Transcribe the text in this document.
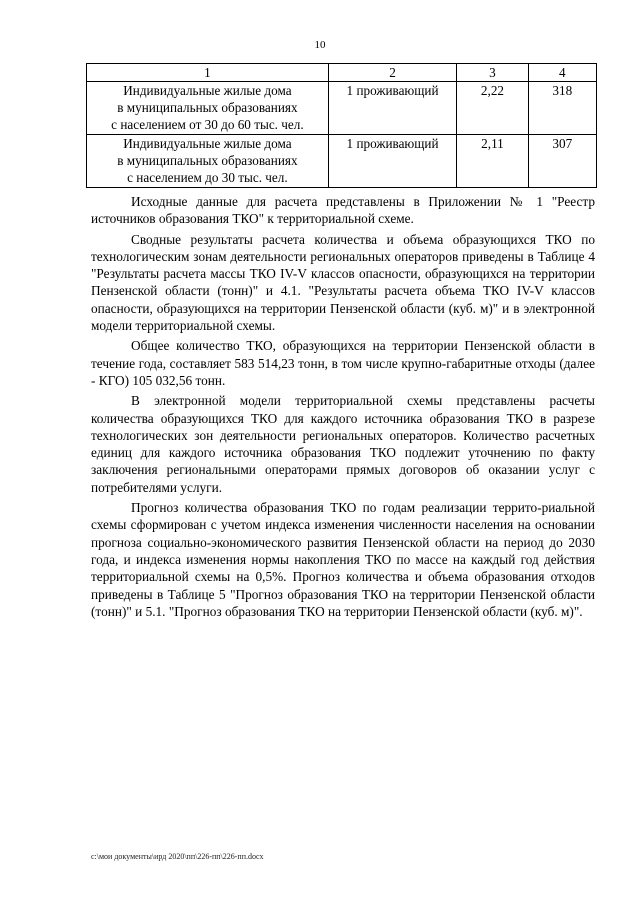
10
1	2	3	4
Индивидуальные жилые дома
в муниципальных образованиях
с населением от 30 до 60 тыс. чел.	1 проживающий	2,22	318
Индивидуальные жилые дома
в муниципальных образованиях
с населением до 30 тыс. чел.	1 проживающий	2,11	307

Исходные данные для расчета представлены в Приложении № 1 "Реестр источников образования ТКО" к территориальной схеме.

Сводные результаты расчета количества и объема образующихся ТКО по технологическим зонам деятельности региональных операторов приведены в Таблице 4 "Результаты расчета массы ТКО IV-V классов опасности, образующихся на территории Пензенской области (тонн)" и 4.1. "Результаты расчета объема ТКО IV-V классов опасности, образующихся на территории Пензенской области (куб. м)" и в электронной модели территориальной схемы.

Общее количество ТКО, образующихся на территории Пензенской области в течение года, составляет 583 514,23 тонн, в том числе крупно-габаритные отходы (далее - КГО) 105 032,56 тонн.

В электронной модели территориальной схемы представлены расчеты количества образующихся ТКО для каждого источника образования ТКО в разрезе технологических зон деятельности региональных операторов. Количество расчетных единиц для каждого источника образования ТКО подлежит уточнению по факту заключения региональными операторами прямых договоров об оказании услуг с потребителями услуги.

Прогноз количества образования ТКО по годам реализации террито-риальной схемы сформирован с учетом индекса изменения численности населения на основании прогноза социально-экономического развития Пензенской области на период до 2030 года, и индекса изменения нормы накопления ТКО по массе на каждый год действия территориальной схемы на 0,5%. Прогноз количества и объема образования отходов приведены в Таблице 5 "Прогноз образования ТКО на территории Пензенской области (тонн)" и 5.1. "Прогноз образования ТКО на территории Пензенской области (куб. м)".

c:\мои документы\ирд 2020\пп\226-пп\226-пп.docx
